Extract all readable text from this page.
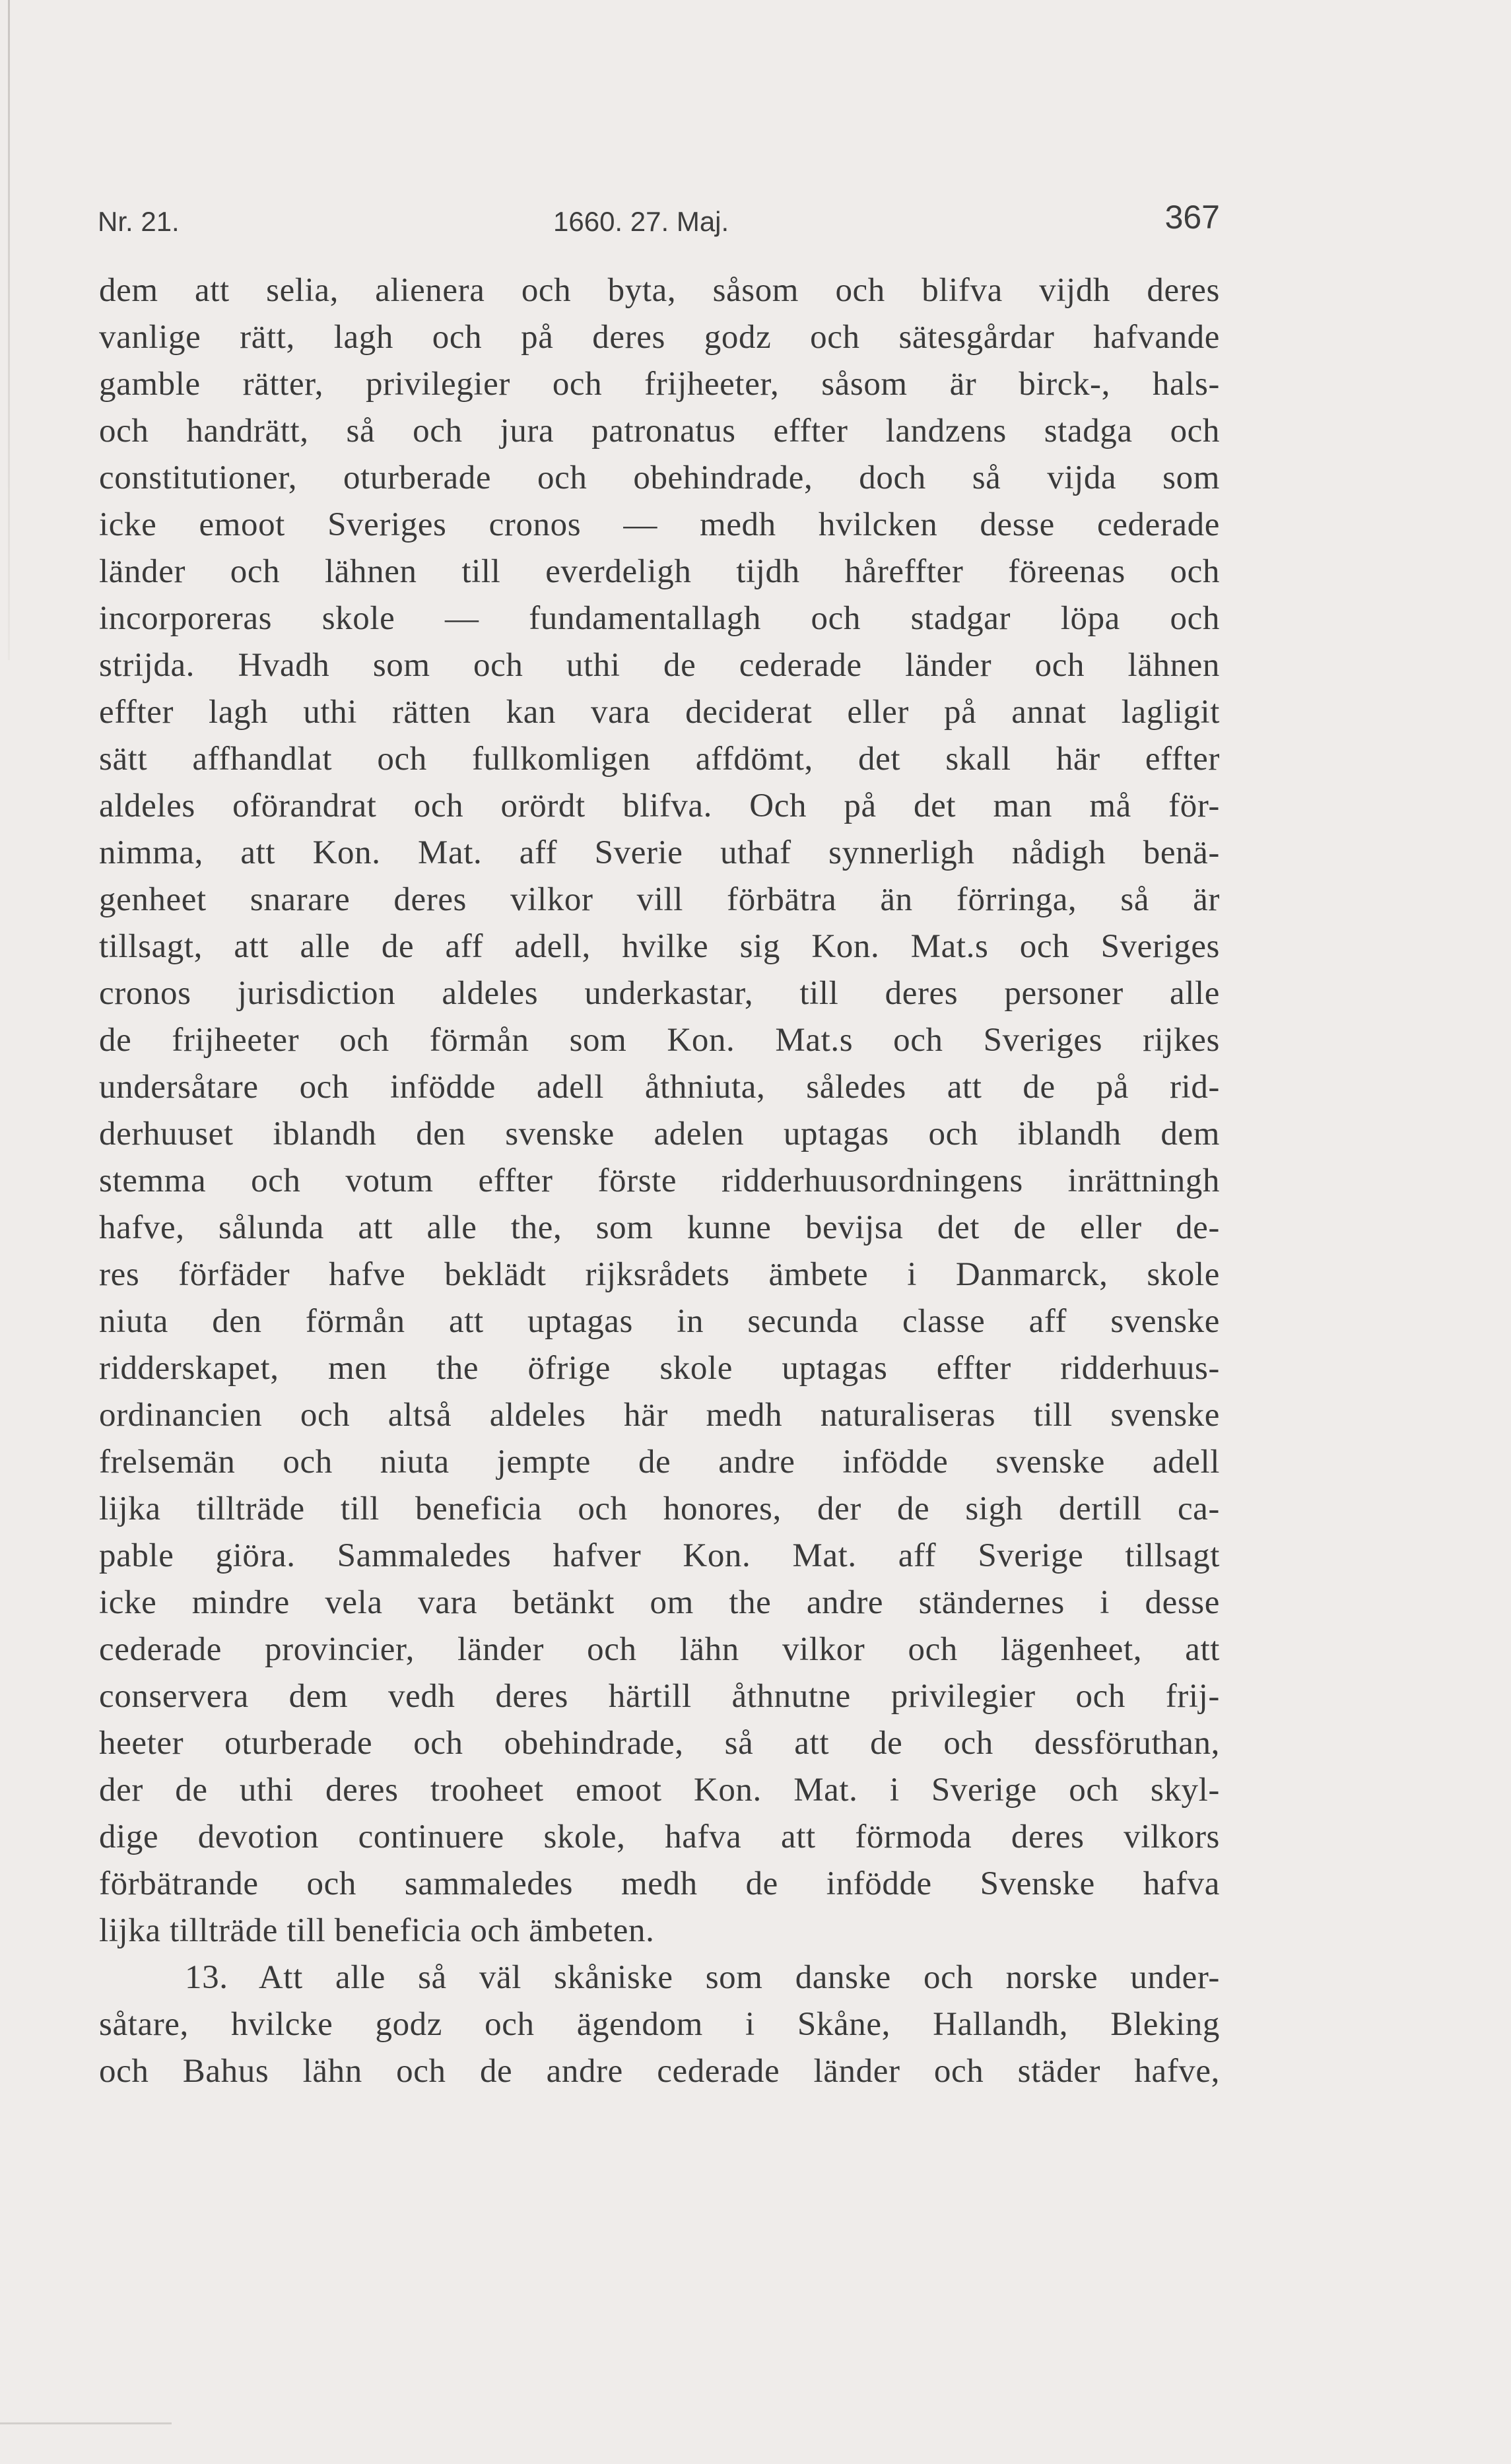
Nr. 21.	1660. 27. Maj.	367
dem att selia, alienera och byta, såsom och blifva vijdh deres
vanlige rätt, lagh och på deres godz och sätesgårdar hafvande
gamble rätter, privilegier och frijheeter, såsom är birck-, hals-
och handrätt, så och jura patronatus effter landzens stadga och
constitutioner, oturberade och obehindrade, doch så vijda som
icke emoot Sveriges cronos — medh hvilcken desse cederade
länder och lähnen till everdeligh tijdh håreffter föreenas och
incorporeras skole — fundamentallagh och stadgar löpa och
strijda. Hvadh som och uthi de cederade länder och lähnen
effter lagh uthi rätten kan vara deciderat eller på annat lagligit
sätt affhandlat och fullkomligen affdömt, det skall här effter
aldeles oförandrat och orördt blifva. Och på det man må för-
nimma, att Kon. Mat. aff Sverie uthaf synnerligh nådigh benä-
genheet snarare deres vilkor vill förbätra än förringa, så är
tillsagt, att alle de aff adell, hvilke sig Kon. Mat.s och Sveriges
cronos jurisdiction aldeles underkastar, till deres personer alle
de frijheeter och förmån som Kon. Mat.s och Sveriges rijkes
undersåtare och infödde adell åthniuta, således att de på rid-
derhuuset iblandh den svenske adelen uptagas och iblandh dem
stemma och votum effter förste ridderhuusordningens inrättningh
hafve, sålunda att alle the, som kunne bevijsa det de eller de-
res förfäder hafve beklädt rijksrådets ämbete i Danmarck, skole
niuta den förmån att uptagas in secunda classe aff svenske
ridderskapet, men the öfrige skole uptagas effter ridderhuus-
ordinancien och altså aldeles här medh naturaliseras till svenske
frelsemän och niuta jempte de andre infödde svenske adell
lijka tillträde till beneficia och honores, der de sigh dertill ca-
pable giöra. Sammaledes hafver Kon. Mat. aff Sverige tillsagt
icke mindre vela vara betänkt om the andre ständernes i desse
cederade provincier, länder och lähn vilkor och lägenheet, att
conservera dem vedh deres härtill åthnutne privilegier och frij-
heeter oturberade och obehindrade, så att de och dessföruthan,
der de uthi deres trooheet emoot Kon. Mat. i Sverige och skyl-
dige devotion continuere skole, hafva att förmoda deres vilkors
förbätrande och sammaledes medh de infödde Svenske hafva
lijka tillträde till beneficia och ämbeten.
13. Att alle så väl skåniske som danske och norske under-
såtare, hvilcke godz och ägendom i Skåne, Hallandh, Bleking
och Bahus lähn och de andre cederade länder och städer hafve,
